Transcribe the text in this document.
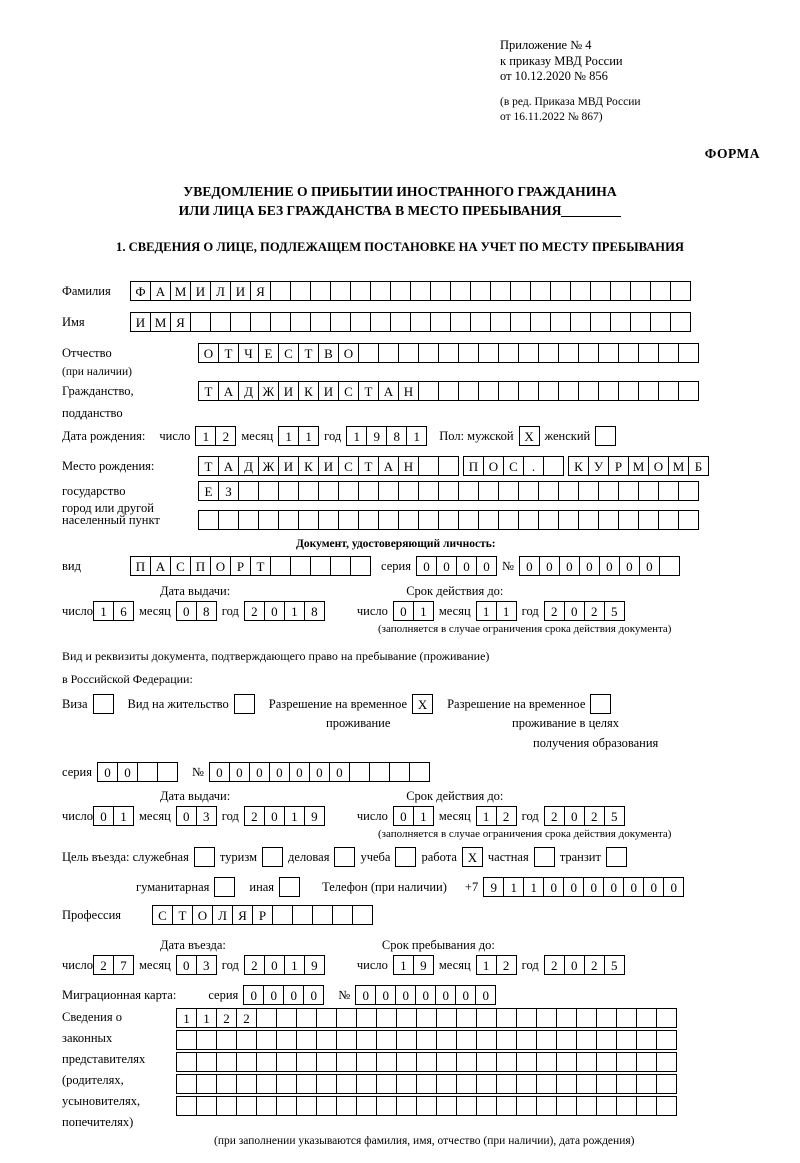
Приложение № 4
к приказу МВД России
от 10.12.2020 № 856
(в ред. Приказа МВД России
от 16.11.2022 № 867)
ФОРМА
УВЕДОМЛЕНИЕ О ПРИБЫТИИ ИНОСТРАННОГО ГРАЖДАНИНА
ИЛИ ЛИЦА БЕЗ ГРАЖДАНСТВА В МЕСТО ПРЕБЫВАНИЯ
1. СВЕДЕНИЯ О ЛИЦЕ, ПОДЛЕЖАЩЕМ ПОСТАНОВКЕ НА УЧЕТ ПО МЕСТУ ПРЕБЫВАНИЯ
Фамилия	Ф А М И Л И Я
Имя	И М Я
Отчество	О Т Ч Е С Т В О
(при наличии)
Гражданство,	Т А Д Ж И К И С Т А Н
подданство
Дата рождения: число 1	2 месяц 1	1 год 1	9	8	1	Пол: мужской X женский
Место рождения:	Т А Д Ж И К И С Т А Н	П О С	.	К У Р М О М Б
государство	Е З
город или другой
населенный пункт
Документ, удостоверяющий личность:
вид	П А С П О Р Т	серия 0	0	0	0 № 0	0	0	0	0	0	0
Дата выдачи:	Срок действия до:
число 1	6 месяц 0	8 год 2	0	1	8	число 0	1 месяц 1	1 год 2	0	2	5
(заполняется в случае ограничения срока действия документа)
Вид и реквизиты документа, подтверждающего право на пребывание (проживание)
в Российской Федерации:
Виза	Вид на жительство	Разрешение на временное X	Разрешение на временное
проживание	проживание в целях
получения образования
серия 0	0	№ 0	0	0	0	0	0	0
Дата выдачи:	Срок действия до:
число 0	1 месяц 0	3 год 2	0	1	9	число 0	1 месяц 1	2 год 2	0	2	5
(заполняется в случае ограничения срока действия документа)
Цель въезда: служебная туризм деловая учеба работа X частная транзит
гуманитарная	иная	Телефон (при наличии) +7 9	1	1	0	0	0	0	0	0	0
Профессия	С Т О Л Я Р
Дата въезда:	Срок пребывания до:
число 2	7 месяц 0	3 год 2	0	1	9	число 1	9 месяц 1	2 год 2	0	2	5
Миграционная карта:	серия 0	0	0	0	№ 0	0	0	0	0	0	0
Сведения о
законных
представителях
(родителях,
усыновителях,
попечителях)
1	1	2	2
(при заполнении указываются фамилия, имя, отчество (при наличии), дата рождения)
